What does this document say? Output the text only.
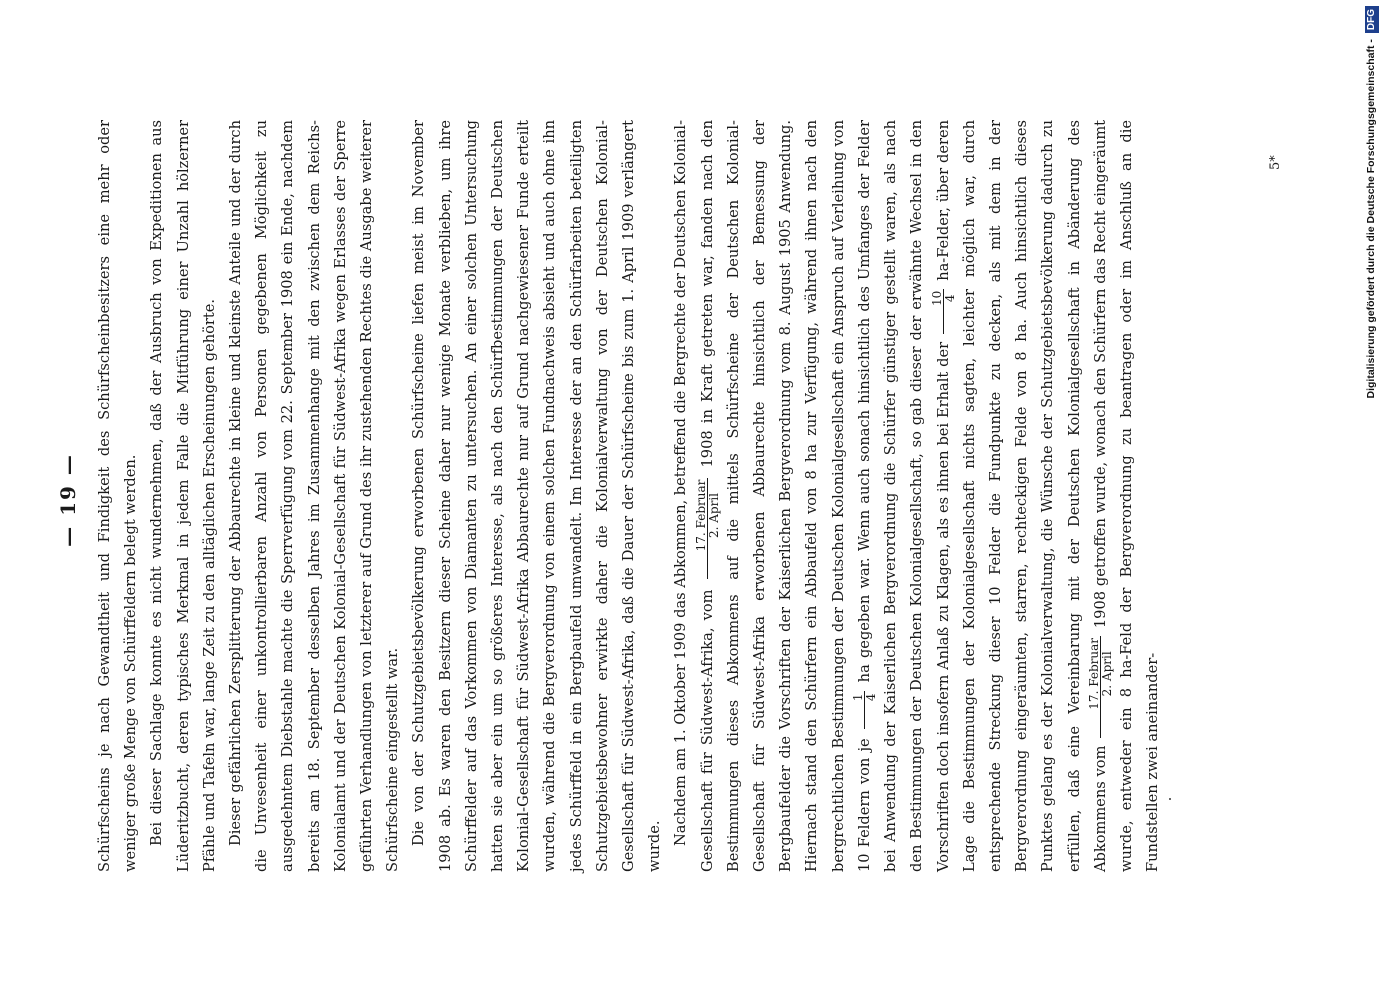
— 19 — Schürfscheins je nach Gewandtheit und Findigkeit des Schürfscheinbesitzers eine mehr oder weniger große Menge von Schürffeldern belegt werden. Bei dieser Sachlage konnte es nicht wundernehmen, daß der Ausbruch von Expeditionen aus Lüderitzbucht, deren typisches Merkmal in jedem Falle die Mitführung einer Unzahl hölzerner Pfähle und Tafeln war, lange Zeit zu den alltäglichen Erscheinungen gehörte. Dieser gefährlichen Zersplitterung der Abbaurechte in kleine und kleinste Anteile und der durch die Unvesenheit einer unkontrollierbaren Anzahl von Personen gegebenen Möglichkeit zu ausgedehntem Diebstahle machte die Sperrverfügung vom 22. September 1908 ein Ende, nachdem bereits am 18. September desselben Jahres im Zusammenhange mit den zwischen dem Reichs-Kolonialamt und der Deutschen Kolonial-Gesellschaft für Südwest-Afrika wegen Erlasses der Sperre geführten Verhandlungen von letzterer auf Grund des ihr zustehenden Rechtes die Ausgabe weiterer Schürfscheine eingestellt war. Die von der Schutzgebietsbevölkerung erworbenen Schürfscheine liefen meist im November 1908 ab. Es waren den Besitzern dieser Scheine daher nur wenige Monate verblieben, um ihre Schürffelder auf das Vorkommen von Diamanten zu untersuchen. An einer solchen Untersuchung hatten sie aber ein um so größeres Interesse, als nach den Schürfbestimmungen der Deutschen Kolonial-Gesellschaft für Südwest-Afrika Abbaurechte nur auf Grund nachgewiesener Funde erteilt wurden, während die Bergverordnung von einem solchen Fundnachweis absieht und auch ohne ihn jedes Schürffeld in ein Bergbaufeld umwandelt. Im Interesse der an den Schürfarbeiten beteiligten Schutzgebietsbewohner erwirkte daher die Kolonialverwaltung von der Deutschen Kolonial-Gesellschaft für Südwest-Afrika, daß die Dauer der Schürfscheine bis zum 1. April 1909 verlängert wurde.

Nachdem am 1. Oktober 1909 das Abkommen, betreffend die Bergrechte der Deutschen Kolonial-Gesellschaft für Südwest-Afrika, vom
17. Februar 2. April
1908 in Kraft getreten war, fanden nach den Bestimmungen dieses Abkommens auf die mittels Schürfscheine der Deutschen Kolonial-Gesellschaft für Südwest-Afrika erworbenen Abbaurechte hinsichtlich der Bemessung der Bergbaufelder die Vorschriften der Kaiserlichen Bergverordnung vom 8. August 1905 Anwendung. Hiernach stand den Schürfern ein Abbaufeld von 8 ha zur Verfügung, während ihnen nach den bergrechtlichen Bestimmungen der Deutschen Kolonialgesellschaft ein Anspruch auf Verleihung von 10 Feldern von je
1 4
ha gegeben war. Wenn auch sonach hinsichtlich des Umfanges der Felder bei Anwendung der Kaiserlichen Bergverordnung die Schürfer günstiger gestellt waren, als nach den Bestimmungen der Deutschen Kolonialgesellschaft, so gab dieser der erwähnte Wechsel in den Vorschriften doch insofern Anlaß zu Klagen, als es ihnen bei Erhalt der
10 4
ha-Felder, über deren Lage die Bestimmungen der Kolonialgesellschaft nichts sagten, leichter möglich war, durch entsprechende Streckung dieser 10 Felder die Fundpunkte zu decken, als mit dem in der Bergverordnung eingeräumten, starren, rechteckigen Felde von 8 ha. Auch hinsichtlich dieses Punktes gelang es der Kolonialverwaltung, die Wünsche der Schutzgebietsbevölkerung dadurch zu erfüllen, daß eine Vereinbarung mit der Deutschen Kolonialgesellschaft in Abänderung des Abkommens vom
17. Februar 2. April
1908 getroffen wurde, wonach den Schürfern das Recht eingeräumt wurde, entweder ein 8 ha-Feld der Bergverordnung zu beantragen oder im Anschluß an die Fundstellen zwei aneinander-

5*	Digitalisierung gefördert durch die Deutsche Forschungsgemeinschaft -DFG
